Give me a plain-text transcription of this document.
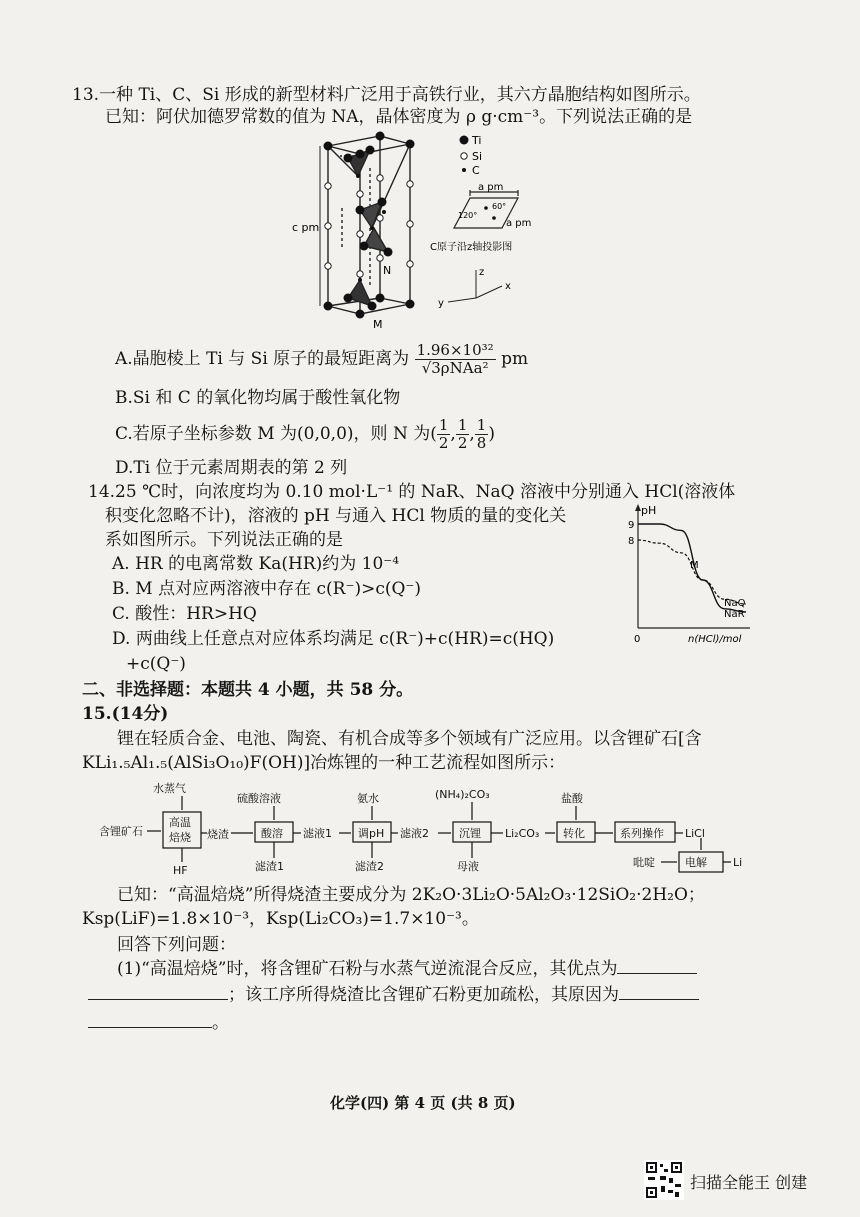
13.一种 Ti、C、Si 形成的新型材料广泛用于高铁行业，其六方晶胞结构如图所示。
已知：阿伏加德罗常数的值为 NA，晶体密度为 ρ g·cm⁻³。下列说法正确的是
c pm
N
M
Ti
Si
C
a pm
60°
120°
a pm
C原子沿z轴投影图
z
y
x
A.晶胞棱上 Ti 与 Si 原子的最短距离为 $\frac{\text{1.96×10³²}}{\text{√3ρNAa²}}$ pm
B.Si 和 C 的氧化物均属于酸性氧化物
C.若原子坐标参数 M 为(0,0,0)，则 N 为( $\frac{1}{2}$ , $\frac{1}{2}$ , $\frac{1}{8}$ )
D.Ti 位于元素周期表的第 2 列
14.25 ℃时，向浓度均为 0.10 mol·L⁻¹ 的 NaR、NaQ 溶液中分别通入 HCl(溶液体
积变化忽略不计)，溶液的 pH 与通入 HCl 物质的量的变化关
系如图所示。下列说法正确的是
A. HR 的电离常数 Ka(HR)约为 10⁻⁴
B. M 点对应两溶液中存在 c(R⁻)>c(Q⁻)
C. 酸性：HR>HQ
D. 两曲线上任意点对应体系均满足 c(R⁻)+c(HR)=c(HQ)
+c(Q⁻)
pH
9
8
0	n(HCl)/mol
M
NaQ
NaR
二、非选择题：本题共 4 小题，共 58 分。
15.(14分)
锂在轻质合金、电池、陶瓷、有机合成等多个领域有广泛应用。以含锂矿石[含
KLi₁.₅Al₁.₅(AlSi₃O₁₀)F(OH)]冶炼锂的一种工艺流程如图所示：
水蒸气
含锂矿石
高温
焙烧
HF
烧渣
硫酸溶液
酸溶
滤渣1
滤液1
氨水
调pH
滤渣2
滤液2
(NH₄)₂CO₃
沉锂
母液
Li₂CO₃
盐酸
转化	系列操作 LiCl
吡啶	电解 Li
已知：“高温焙烧”所得烧渣主要成分为 2K₂O·3Li₂O·5Al₂O₃·12SiO₂·2H₂O；
Ksp(LiF)=1.8×10⁻³，Ksp(Li₂CO₃)=1.7×10⁻³。
回答下列问题：
(1)“高温焙烧”时，将含锂矿石粉与水蒸气逆流混合反应，其优点为
；该工序所得烧渣比含锂矿石粉更加疏松，其原因为
。
化学(四) 第 4 页 (共 8 页)
扫描全能王 创建
